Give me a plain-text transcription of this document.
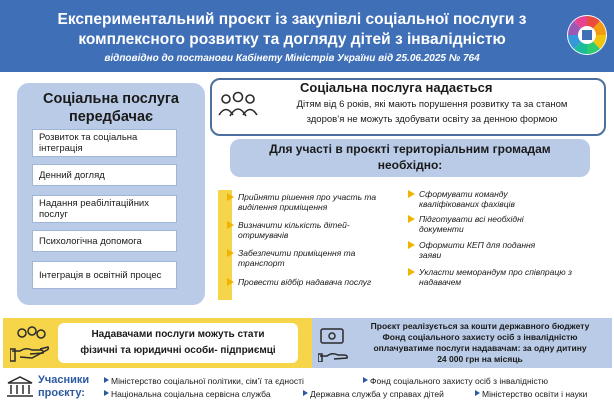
Експериментальний проєкт із закупівлі соціальної послуги з
комплексного розвитку та догляду дітей з інвалідністю
відповідно до постанови Кабінету Міністрів України від 25.06.2025 № 764
Соціальна послуга
передбачає
Розвиток та соціальна інтеграція
Денний догляд
Надання реабілітаційних послуг
Психологічна допомога
Інтеграція в освітній процес
Соціальна послуга надається
Дітям від 6 років, які мають порушення розвитку та за станом
здоров’я не можуть здобувати освіту за денною формою
Для участі в проєкті територіальним громадам
необхідно:
Прийняти рішення про участь та виділення приміщення
Визначити кількість дітей-отримувачів
Забезпечити приміщення та транспорт
Провести відбір надавача послуг
Сформувати команду кваліфікованих фахівців
Підготувати всі необхідні документи
Оформити КЕП для подання заяви
Укласти меморандум про співпрацю з надавачем
Надавачами послуги можуть стати
фізичні та юридичні особи- підприємці
Проєкт реалізується за кошти державного бюджету
Фонд соціального захисту осіб з інвалідністю
оплачуватиме послуги надавачам: за одну дитину
24 000 грн на місяць
Учасники
проєкту:
Міністерство соціальної політики, сім’ї та єдності	Фонд соціального захисту осіб з інвалідністю
Національна соціальна сервісна служба	Державна служба у справах дітей	Міністерство освіти і науки
